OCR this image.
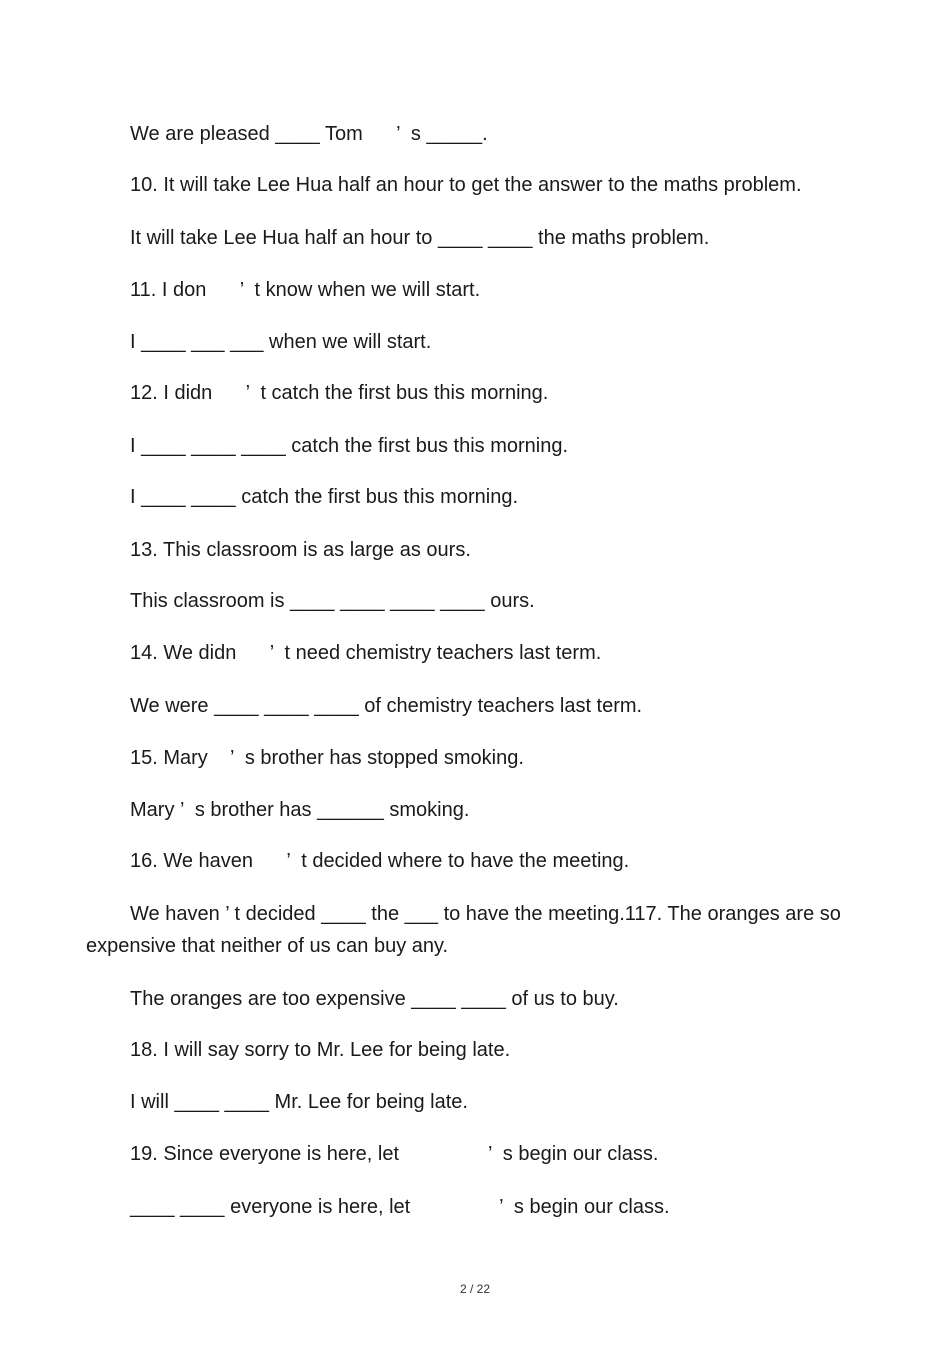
We are pleased ____ Tom      ’  s _____.
10. It will take Lee Hua half an hour to get the answer to the maths problem.
It will take Lee Hua half an hour to ____ ____ the maths problem.
11. I don      ’  t know when we will start.
I ____ ___ ___ when we will start.
12. I didn      ’  t catch the first bus this morning.
I ____ ____ ____ catch the first bus this morning.
I ____ ____ catch the first bus this morning.
13. This classroom is as large as ours.
This classroom is ____ ____ ____ ____ ours.
14. We didn      ’  t need chemistry teachers last term.
We were ____ ____ ____ of chemistry teachers last term.
15. Mary    ’  s brother has stopped smoking.
Mary ’  s brother has ______ smoking.
16. We haven      ’  t decided where to have the meeting.
We haven ’ t decided ____ the ___ to have the meeting.117. The oranges are so expensive that neither of us can buy any.
The oranges are too expensive ____ ____ of us to buy.
18. I will say sorry to Mr. Lee for being late.
I will ____ ____ Mr. Lee for being late.
19. Since everyone is here, let                ’  s begin our class.
____ ____ everyone is here, let                ’  s begin our class.
2 / 22
